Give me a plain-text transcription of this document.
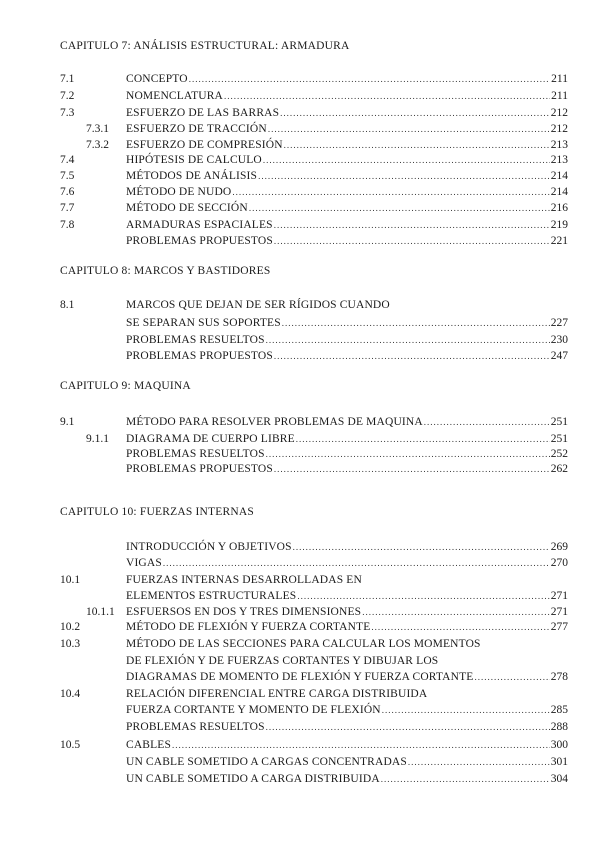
CAPITULO 7: ANÁLISIS ESTRUCTURAL: ARMADURA
7.1	CONCEPTO .....	211
7.2	NOMENCLATURA .....	211
7.3	ESFUERZO DE LAS BARRAS .....	212
7.3.1 ESFUERZO DE TRACCIÓN .....	212
7.3.2 ESFUERZO DE COMPRESIÓN .....	213
7.4	HIPÓTESIS DE CALCULO .....	213
7.5	MÉTODOS DE ANÁLISIS .....	214
7.6	MÉTODO DE NUDO .....	214
7.7	MÉTODO DE SECCIÓN .....	216
7.8	ARMADURAS ESPACIALES .....	219
PROBLEMAS PROPUESTOS .....	221
CAPITULO 8: MARCOS Y BASTIDORES
8.1	MARCOS QUE DEJAN DE SER RÍGIDOS CUANDO
SE SEPARAN SUS SOPORTES .....	227
PROBLEMAS RESUELTOS .....	230
PROBLEMAS PROPUESTOS .....	247
CAPITULO 9: MAQUINA
9.1	MÉTODO PARA RESOLVER PROBLEMAS DE MAQUINA .....	251
9.1.1 DIAGRAMA DE CUERPO LIBRE .....	251
PROBLEMAS RESUELTOS .....	252
PROBLEMAS PROPUESTOS .....	262
CAPITULO 10: FUERZAS INTERNAS
INTRODUCCIÓN Y OBJETIVOS .....	269
VIGAS .....	270
10.1	FUERZAS INTERNAS DESARROLLADAS EN
ELEMENTOS ESTRUCTURALES .....	271
10.1.1 ESFUERSOS EN DOS Y TRES DIMENSIONES .....	271
10.2	MÉTODO DE FLEXIÓN Y FUERZA CORTANTE .....	277
10.3	MÉTODO DE LAS SECCIONES PARA CALCULAR LOS MOMENTOS
DE FLEXIÓN Y DE FUERZAS CORTANTES Y DIBUJAR LOS
DIAGRAMAS DE MOMENTO DE FLEXIÓN Y FUERZA CORTANTE .....	278
10.4	RELACIÓN DIFERENCIAL ENTRE CARGA DISTRIBUIDA
FUERZA CORTANTE Y MOMENTO DE FLEXIÓN .....	285
PROBLEMAS RESUELTOS .....	288
10.5	CABLES .....	300
UN CABLE SOMETIDO A CARGAS CONCENTRADAS .....	301
UN CABLE SOMETIDO A CARGA DISTRIBUIDA .....	304
